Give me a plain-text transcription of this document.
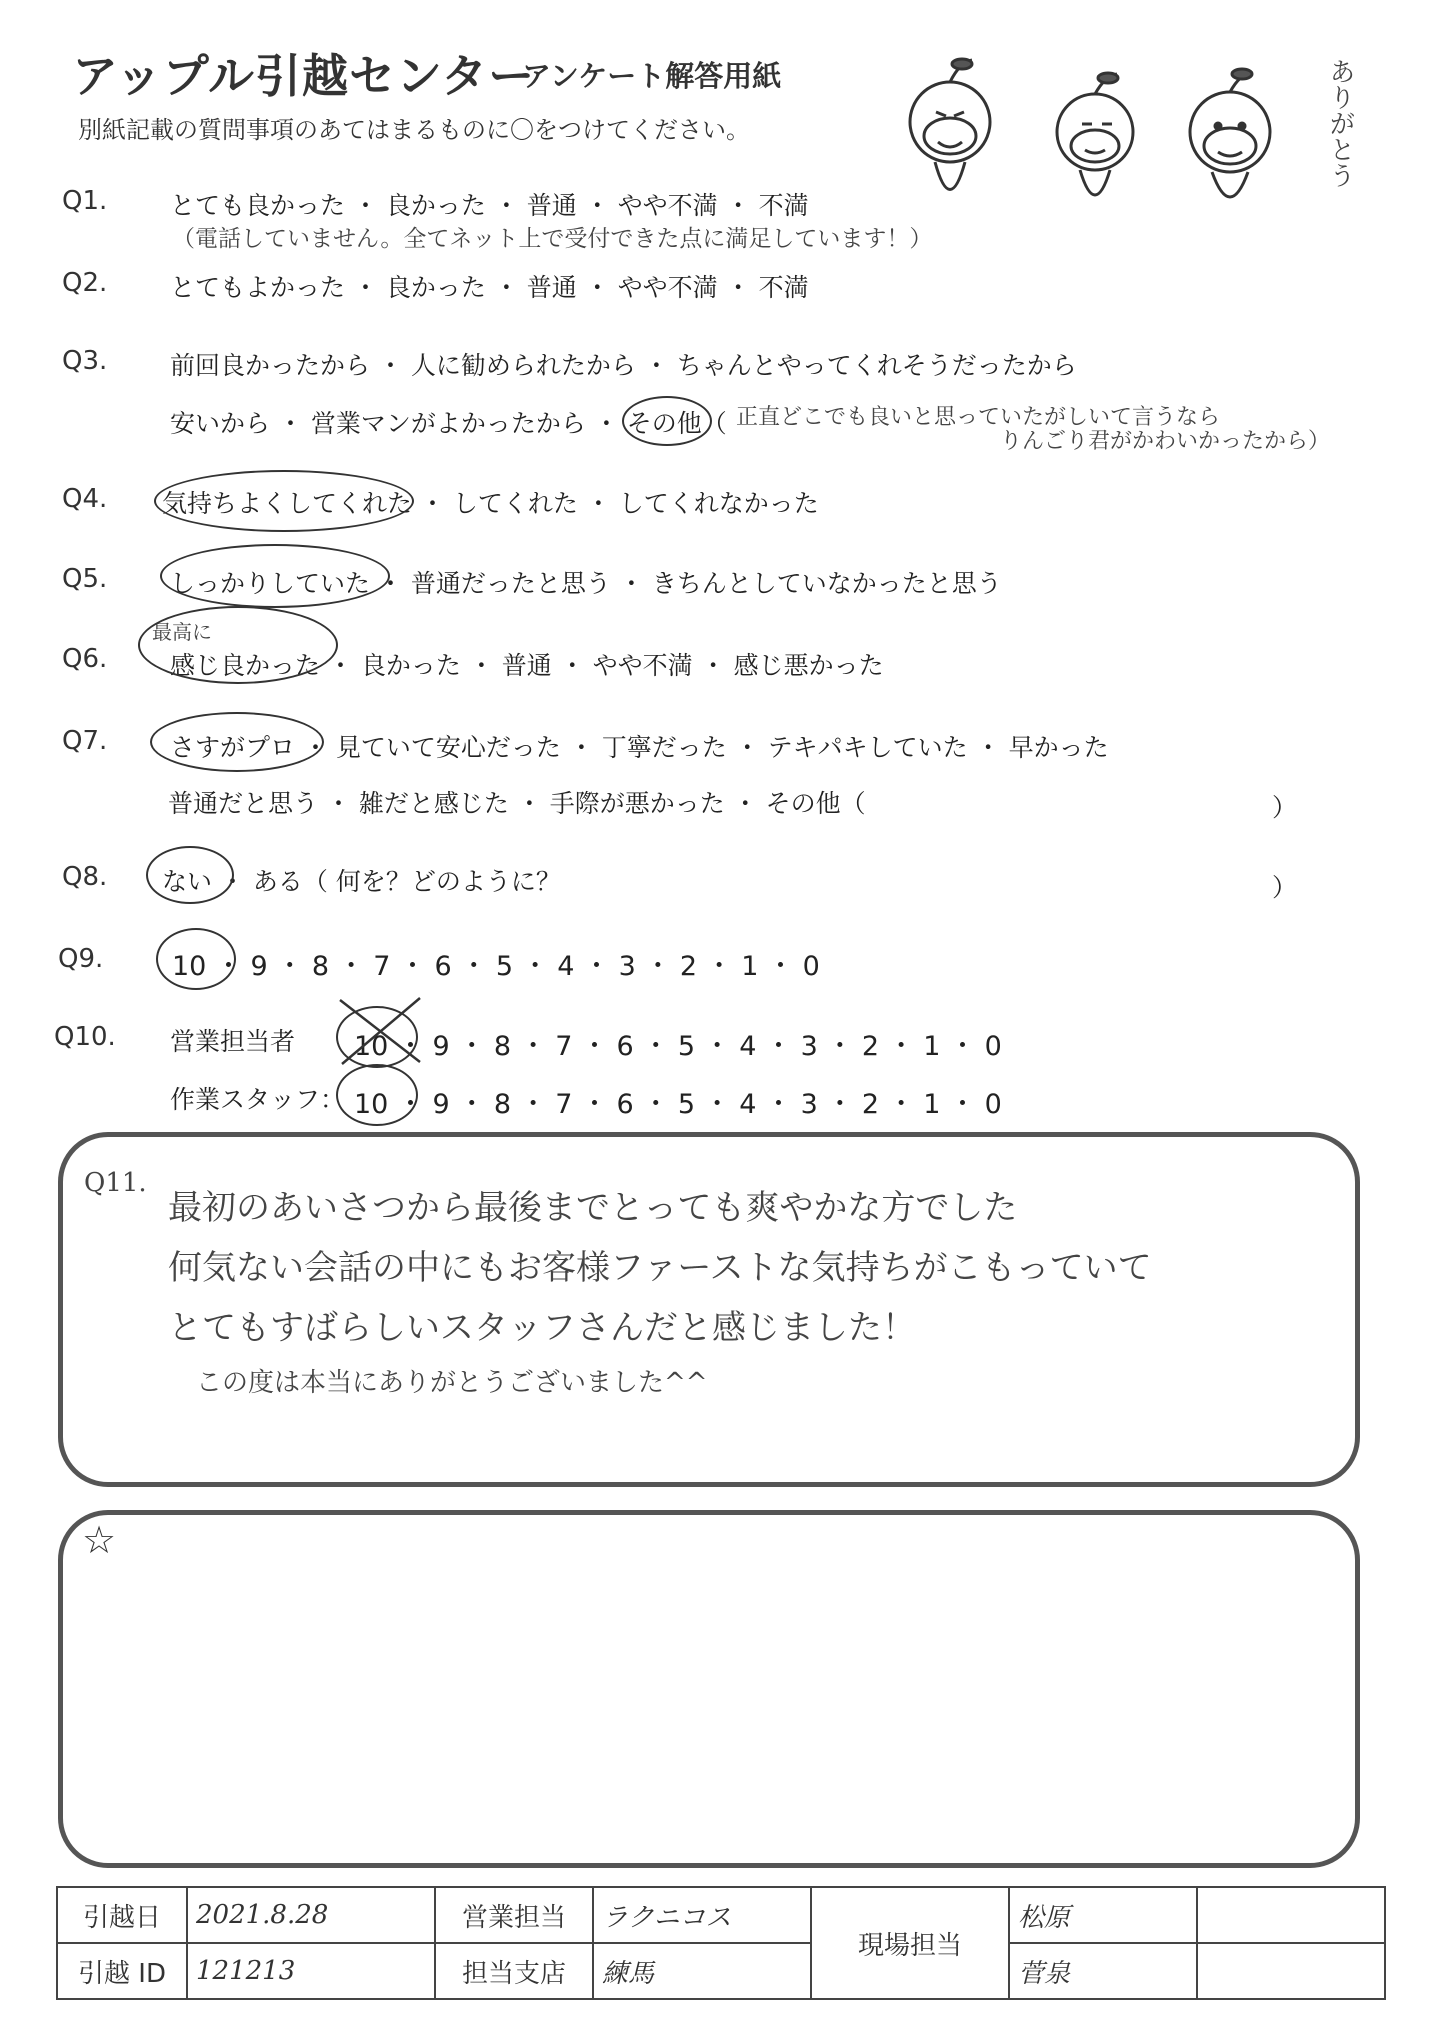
アップル引越センター
アンケート解答用紙
別紙記載の質問事項のあてはまるものに〇をつけてください。	ありがとう
Q1.	とても良かった ・ 良かった ・ 普通 ・ やや不満 ・ 不満
（電話していません。全てネット上で受付できた点に満足しています！）
Q2.	とてもよかった ・ 良かった ・ 普通 ・ やや不満 ・ 不満
Q3.	前回良かったから ・ 人に勧められたから ・ ちゃんとやってくれそうだったから
安いから ・ 営業マンがよかったから ・ その他（ 正直どこでも良いと思っていたがしいて言うなら
りんごり君がかわいかったから）
Q4. 気持ちよくしてくれた ・ してくれた ・ してくれなかった
Q5.	しっかりしていた ・ 普通だったと思う ・ きちんとしていなかったと思う
Q6.	感じ良かった ・ 良かった ・ 普通 ・ やや不満 ・ 感じ悪かった
最高に
Q7.	さすがプロ ・ 見ていて安心だった ・ 丁寧だった ・ テキパキしていた ・ 早かった
普通だと思う ・ 雑だと感じた ・ 手際が悪かった ・ その他（	）
Q8. ない ・ ある（ 何を？どのように？	）
Q9.	10 ・ 9 ・ 8 ・ 7 ・ 6 ・ 5 ・ 4 ・ 3 ・ 2 ・ 1 ・ 0
Q10. 営業担当者 10 ・ 9 ・ 8 ・ 7 ・ 6 ・ 5 ・ 4 ・ 3 ・ 2 ・ 1 ・ 0
作業スタッフ： 10 ・ 9 ・ 8 ・ 7 ・ 6 ・ 5 ・ 4 ・ 3 ・ 2 ・ 1 ・ 0
Q11.
最初のあいさつから最後までとっても爽やかな方でした
何気ない会話の中にもお客様ファーストな気持ちがこもっていて
とてもすばらしいスタッフさんだと感じました！
この度は本当にありがとうございました^^
☆
引越日	2021.8.28	営業担当	ラクニコス	現場担当	松原	
引越 ID	121213	担当支店	練馬		菅泉	
